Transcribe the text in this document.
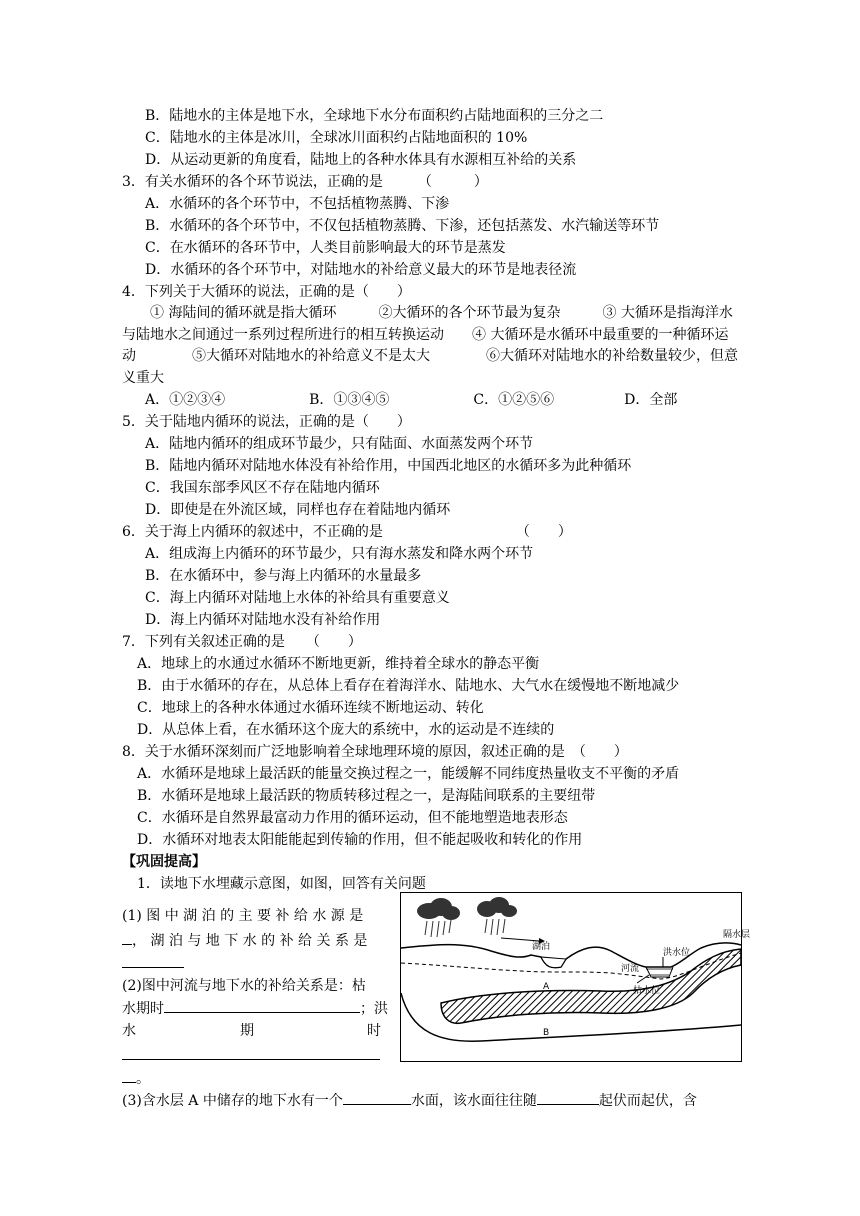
B．陆地水的主体是地下水，全球地下水分布面积约占陆地面积的三分之二
C．陆地水的主体是冰川，全球冰川面积约占陆地面积的 10%
D．从运动更新的角度看，陆地上的各种水体具有水源相互补给的关系
3．有关水循环的各个环节说法，正确的是　　　（　　　）
A．水循环的各个环节中，不包括植物蒸腾、下渗
B．水循环的各个环节中，不仅包括植物蒸腾、下渗，还包括蒸发、水汽输送等环节
C．在水循环的各环节中，人类目前影响最大的环节是蒸发
D．水循环的各个环节中，对陆地水的补给意义最大的环节是地表径流
4．下列关于大循环的说法，正确的是（　　）
A．①②③④　　　　　　B．①③④⑤　　　　　　C．①②⑤⑥　　　　　D．全部
5．关于陆地内循环的说法，正确的是（　　）
A．陆地内循环的组成环节最少，只有陆面、水面蒸发两个环节
B．陆地内循环对陆地水体没有补给作用，中国西北地区的水循环多为此种循环
C．我国东部季风区不存在陆地内循环
D．即使是在外流区域，同样也存在着陆地内循环
6．关于海上内循环的叙述中，不正确的是　　　　　　　　　　（　　）
A．组成海上内循环的环节最少，只有海水蒸发和降水两个环节
B．在水循环中，参与海上内循环的水量最多
C．海上内循环对陆地上水体的补给具有重要意义
D．海上内循环对陆地水没有补给作用
7．下列有关叙述正确的是　　（　　）
A．地球上的水通过水循环不断地更新，维持着全球水的静态平衡
B．由于水循环的存在，从总体上看存在着海洋水、陆地水、大气水在缓慢地不断地减少
C．地球上的各种水体通过水循环连续不断地运动、转化
D．从总体上看，在水循环这个庞大的系统中，水的运动是不连续的
8．关于水循环深刻而广泛地影响着全球地理环境的原因，叙述正确的是　（　　）
A．水循环是地球上最活跃的能量交换过程之一，能缓解不同纬度热量收支不平衡的矛盾
B．水循环是地球上最活跃的物质转移过程之一，是海陆间联系的主要纽带
C．水循环是自然界最富动力作用的循环运动，但不能地塑造地表形态
D．水循环对地表太阳能能起到传输的作用，但不能起吸收和转化的作用
1．读地下水埋藏示意图，如图，回答有关问题
　　① 海陆间的循环就是指大循环　　　②大循环的各个环节最为复杂　　　③ 大循环是指海洋水与陆地水之间通过一系列过程所进行的相互转换运动　　④ 大循环是水循环中最重要的一种循环运动　　　　⑤大循环对陆地水的补给意义不是太大　　　　⑥大循环对陆地水的补给数量较少，但意义重大
【巩固提高】
(1) 图 中 湖 泊 的 主 要 补 给 水 源 是
， 湖 泊 与 地 下 水 的 补 给 关 系 是
(2)图中河流与地下水的补给关系是：枯
水期时	；洪
水	期	时
。
(3)含水层 A 中储存的地下水有一个	水面，该水面往往随	起伏而起伏，含
湖泊
河流
洪水位
枯水位
A
B
隔水层
